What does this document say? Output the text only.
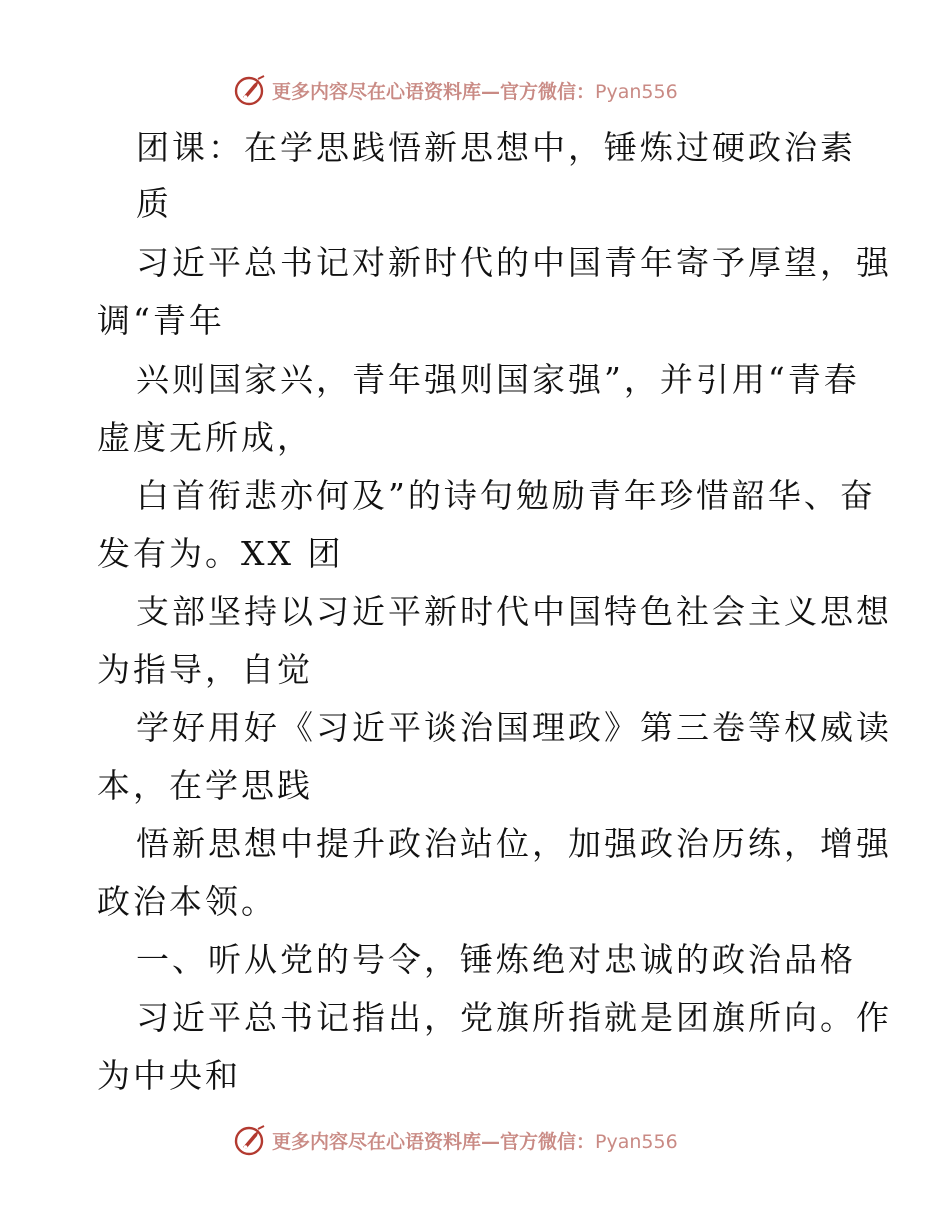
更多内容尽在心语资料库—官方微信：Pyan556
团课：在学思践悟新思想中，锤炼过硬政治素
质
习近平总书记对新时代的中国青年寄予厚望，强
调“青年
兴则国家兴，青年强则国家强”，并引用“青春
虚度无所成，
白首衔悲亦何及”的诗句勉励青年珍惜韶华、奋
发有为。XX 团
支部坚持以习近平新时代中国特色社会主义思想
为指导，自觉
学好用好《习近平谈治国理政》第三卷等权威读
本，在学思践
悟新思想中提升政治站位，加强政治历练，增强
政治本领。
一、听从党的号令，锤炼绝对忠诚的政治品格
习近平总书记指出，党旗所指就是团旗所向。作
为中央和
更多内容尽在心语资料库—官方微信：Pyan556
